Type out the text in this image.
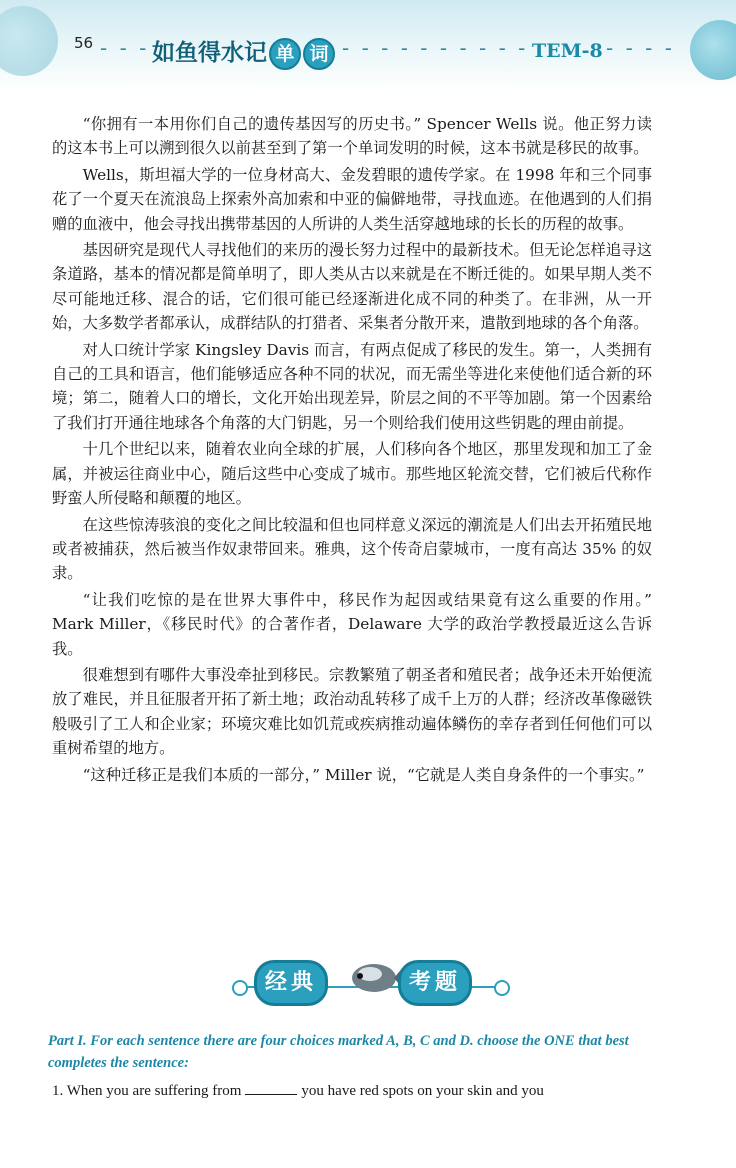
56 - - - 如鱼得水记 单 词 - - - - - - - - - - TEM-8 - - - -

“你拥有一本用你们自己的遗传基因写的历史书。” Spencer Wells 说。他正努力读的这本书上可以溯到很久以前甚至到了第一个单词发明的时候，这本书就是移民的故事。

Wells，斯坦福大学的一位身材高大、金发碧眼的遗传学家。在 1998 年和三个同事花了一个夏天在流浪岛上探索外高加索和中亚的偏僻地带，寻找血迹。在他遇到的人们捐赠的血液中，他会寻找出携带基因的人所讲的人类生活穿越地球的长长的历程的故事。

基因研究是现代人寻找他们的来历的漫长努力过程中的最新技术。但无论怎样追寻这条道路，基本的情况都是简单明了，即人类从古以来就是在不断迁徙的。如果早期人类不尽可能地迁移、混合的话，它们很可能已经逐渐进化成不同的种类了。在非洲，从一开始，大多数学者都承认，成群结队的打猎者、采集者分散开来，遣散到地球的各个角落。

对人口统计学家 Kingsley Davis 而言，有两点促成了移民的发生。第一，人类拥有自己的工具和语言，他们能够适应各种不同的状况，而无需坐等进化来使他们适合新的环境；第二，随着人口的增长，文化开始出现差异，阶层之间的不平等加剧。第一个因素给了我们打开通往地球各个角落的大门钥匙，另一个则给我们使用这些钥匙的理由前提。

十几个世纪以来，随着农业向全球的扩展，人们移向各个地区，那里发现和加工了金属，并被运往商业中心，随后这些中心变成了城市。那些地区轮流交替，它们被后代称作野蛮人所侵略和颠覆的地区。

在这些惊涛骇浪的变化之间比较温和但也同样意义深远的潮流是人们出去开拓殖民地或者被捕获，然后被当作奴隶带回来。雅典，这个传奇启蒙城市，一度有高达 35% 的奴隶。

“让我们吃惊的是在世界大事件中，移民作为起因或结果竟有这么重要的作用。” Mark Miller，《移民时代》的合著作者，Delaware 大学的政治学教授最近这么告诉我。

很难想到有哪件大事没牵扯到移民。宗教繁殖了朝圣者和殖民者；战争还未开始便流放了难民，并且征服者开拓了新土地；政治动乱转移了成千上万的人群；经济改革像磁铁般吸引了工人和企业家；环境灾难比如饥荒或疾病推动遍体鳞伤的幸存者到任何他们可以重树希望的地方。

“这种迁移正是我们本质的一部分，” Miller 说，“它就是人类自身条件的一个事实。”

经典	考题
Part I. For each sentence there are four choices marked A, B, C and D. choose the ONE that best completes the sentence:
1. When you are suffering from	you have red spots on your skin and you
